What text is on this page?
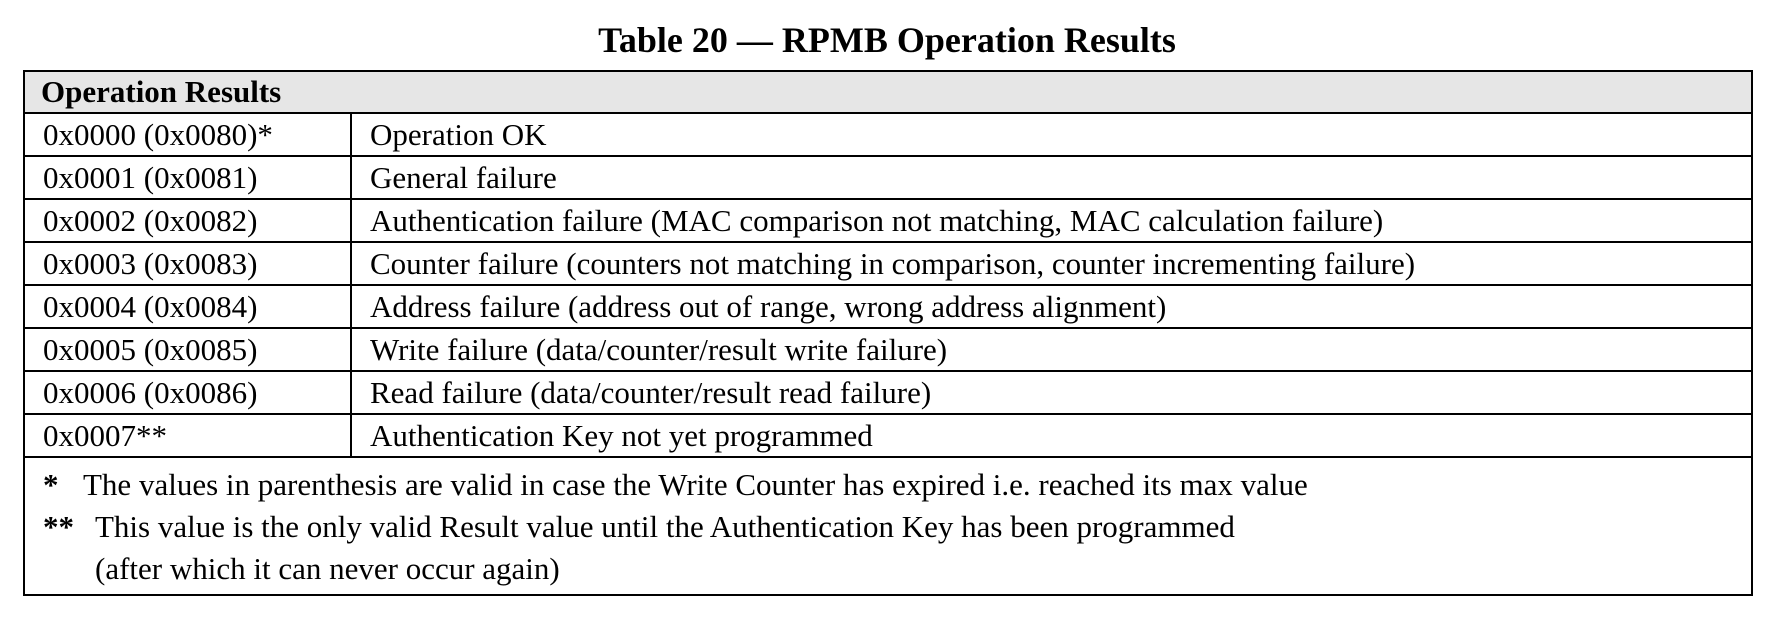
Table 20 — RPMB Operation Results
Operation Results	
0x0000 (0x0080)*	Operation OK
0x0001 (0x0081)	General failure
0x0002 (0x0082)	Authentication failure (MAC comparison not matching, MAC calculation failure)
0x0003 (0x0083)	Counter failure (counters not matching in comparison, counter incrementing failure)
0x0004 (0x0084)	Address failure (address out of range, wrong address alignment)
0x0005 (0x0085)	Write failure (data/counter/result write failure)
0x0006 (0x0086)	Read failure (data/counter/result read failure)
0x0007**	Authentication Key not yet programmed

* The values in parenthesis are valid in case the Write Counter has expired i.e. reached its max value
** This value is the only valid Result value until the Authentication Key has been programmed
(after which it can never occur again)	
